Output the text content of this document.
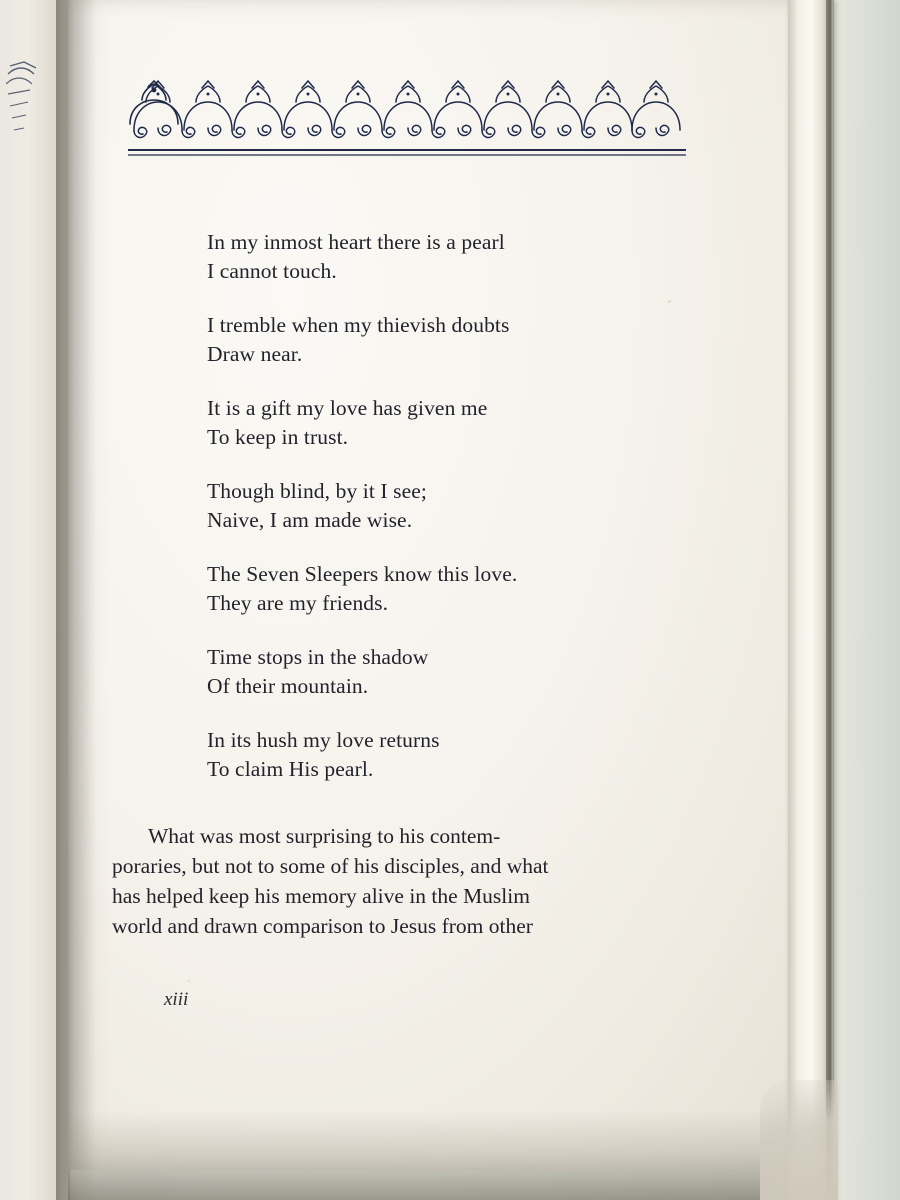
In my inmost heart there is a pearl
I cannot touch.
I tremble when my thievish doubts
Draw near.
It is a gift my love has given me
To keep in trust.
Though blind, by it I see;
Naive, I am made wise.
The Seven Sleepers know this love.
They are my friends.
Time stops in the shadow
Of their mountain.
In its hush my love returns
To claim His pearl.
What was most surprising to his contem-
poraries, but not to some of his disciples, and what
has helped keep his memory alive in the Muslim
world and drawn comparison to Jesus from other
xiii
